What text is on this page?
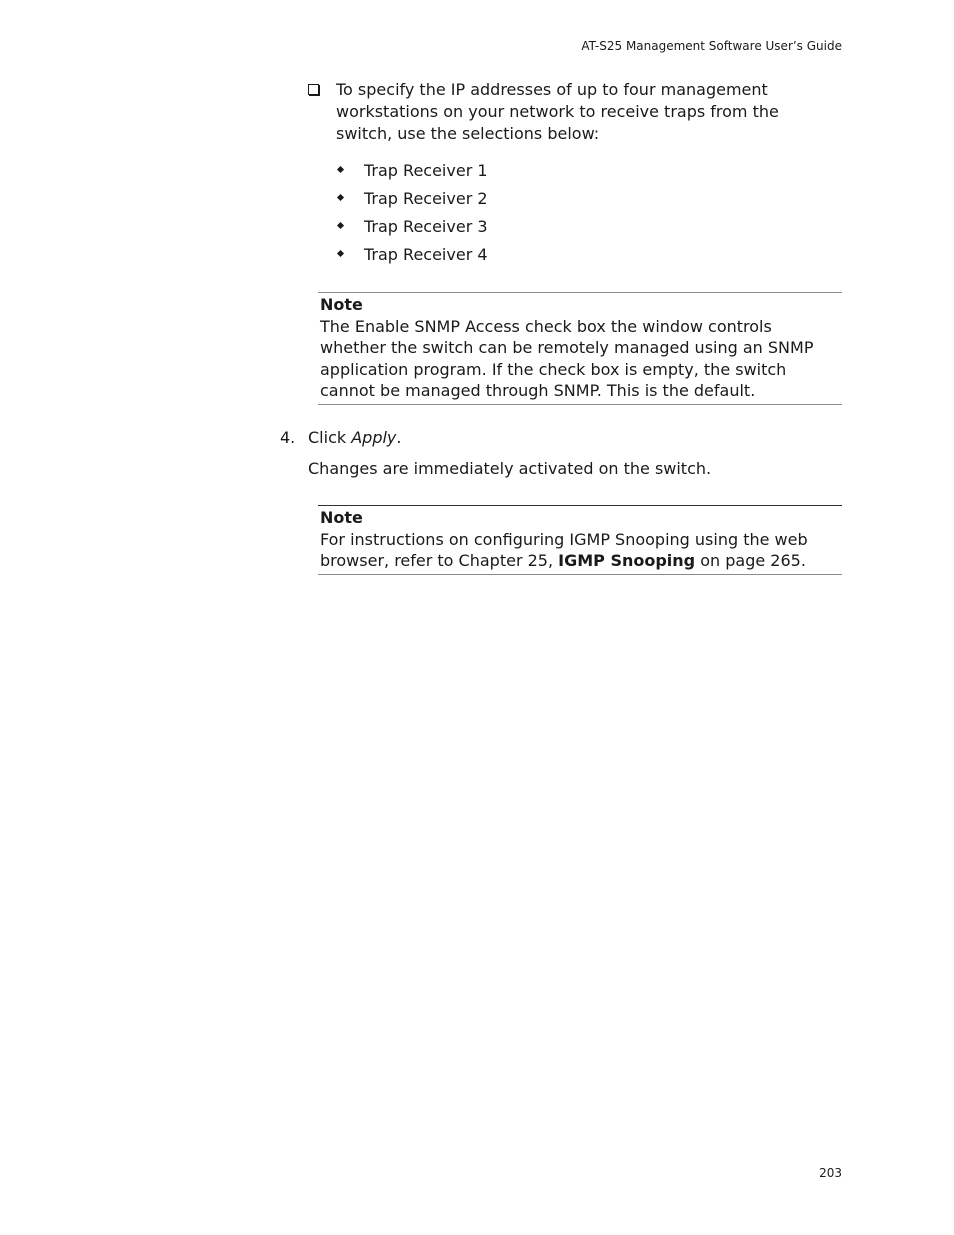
AT-S25 Management Software User’s Guide
To specify the IP addresses of up to four management workstations on your network to receive traps from the switch, use the selections below:
Trap Receiver 1
Trap Receiver 2
Trap Receiver 3
Trap Receiver 4
Note
The Enable SNMP Access check box the window controls whether the switch can be remotely managed using an SNMP application program. If the check box is empty, the switch cannot be managed through SNMP. This is the default.
4. Click Apply.
Changes are immediately activated on the switch.
Note
For instructions on configuring IGMP Snooping using the web browser, refer to Chapter 25, IGMP Snooping on page 265.
203
